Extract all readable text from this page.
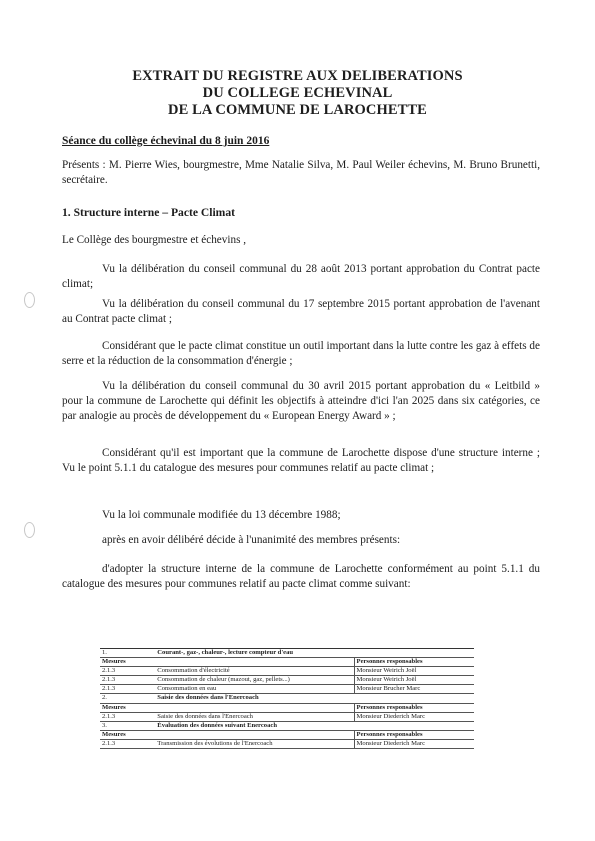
EXTRAIT DU REGISTRE AUX DELIBERATIONS
DU COLLEGE ECHEVINAL
DE LA COMMUNE DE LAROCHETTE
Séance du collège échevinal du 8 juin 2016
Présents : M. Pierre Wies, bourgmestre, Mme Natalie Silva, M. Paul Weiler échevins, M. Bruno Brunetti, secrétaire.
1. Structure interne – Pacte Climat
Le Collège des bourgmestre et échevins ,
Vu la délibération du conseil communal du 28 août 2013 portant approbation du Contrat pacte climat;
Vu la délibération du conseil communal du 17 septembre 2015 portant approbation de l'avenant au Contrat pacte climat ;
Considérant que le pacte climat constitue un outil important dans la lutte contre les gaz à effets de serre et la réduction de la consommation d'énergie ;
Vu la délibération du conseil communal du 30 avril 2015 portant approbation du « Leitbild » pour la commune de Larochette qui définit les objectifs à atteindre d'ici l'an 2025 dans six catégories, ce par analogie au procès de développement du « European Energy Award » ;
Considérant qu'il est important que la commune de Larochette dispose d'une structure interne ; Vu le point 5.1.1 du catalogue des mesures pour communes relatif au pacte climat ;
Vu la loi communale modifiée du 13 décembre 1988;
après en avoir délibéré décide à l'unanimité des membres présents:
d'adopter la structure interne de la commune de Larochette conformément au point 5.1.1 du catalogue des mesures pour communes relatif au pacte climat comme suivant:
1.	Courant-, gaz-, chaleur-, lecture compteur d'eau	
Mesures		Personnes responsables
2.1.3	Consommation d'électricité	Monsieur Weirich Joël
2.1.3	Consommation de chaleur (mazout, gaz, pellets...)	Monsieur Weirich Joël
2.1.3	Consommation en eau	Monsieur Brucher Marc
2.	Saisie des données dans l'Enercoach	
Mesures		Personnes responsables
2.1.3	Saisie des données dans l'Enercoach	Monsieur Diederich Marc
3.	Évaluation des données suivant Enercoach	
Mesures		Personnes responsables
2.1.3	Transmission des évolutions de l'Enercoach	Monsieur Diederich Marc
